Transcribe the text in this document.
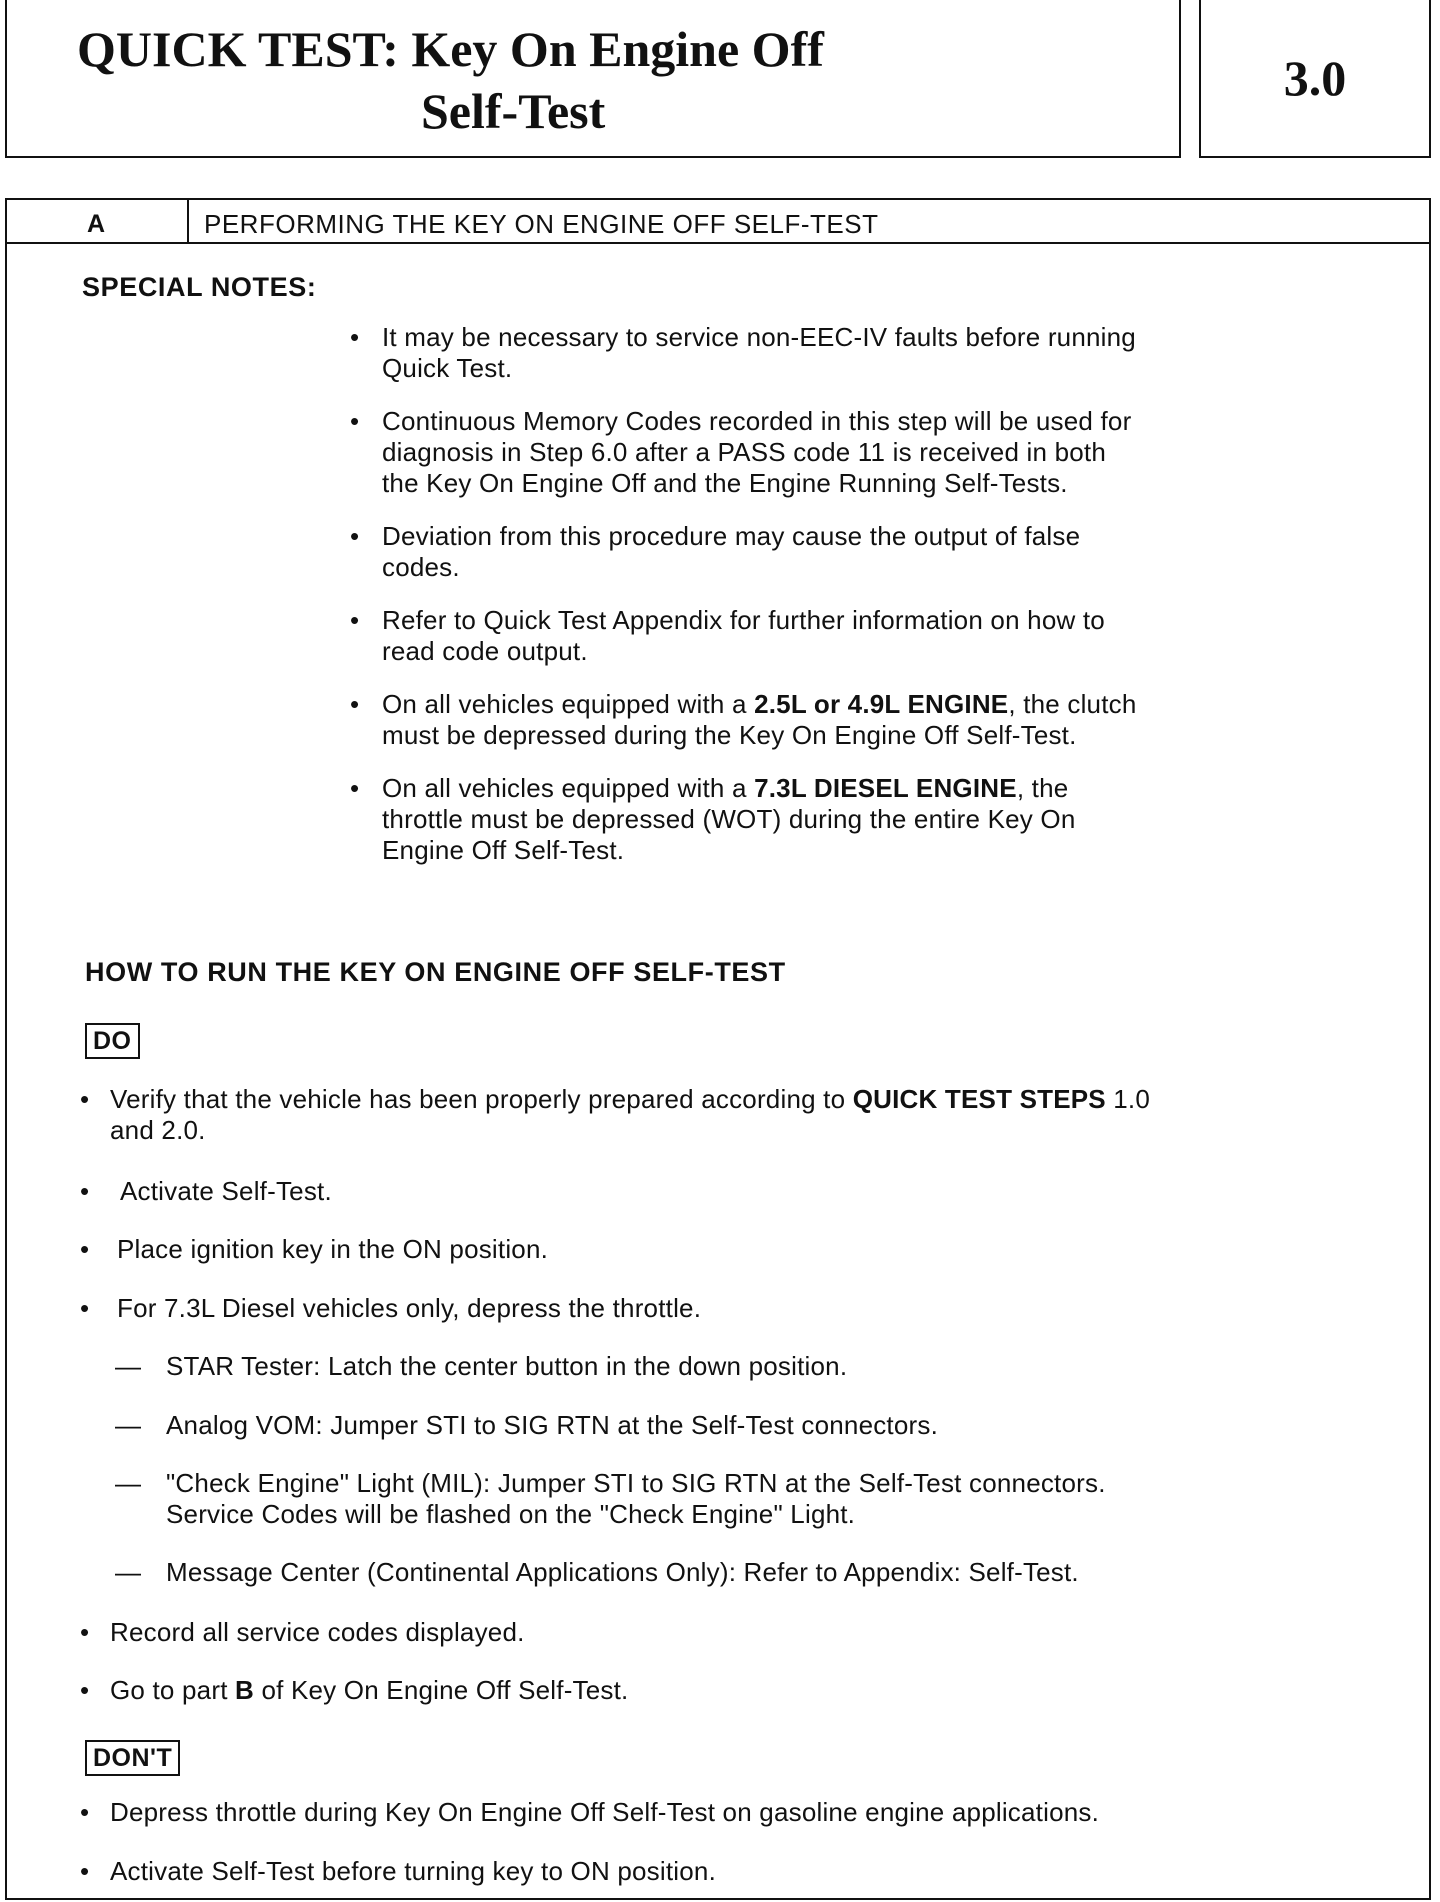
QUICK TEST: Key On Engine Off
Self-Test
3.0
A	PERFORMING THE KEY ON ENGINE OFF SELF-TEST
SPECIAL NOTES:
• It may be necessary to service non-EEC-IV faults before running Quick Test.
• Continuous Memory Codes recorded in this step will be used for diagnosis in Step 6.0 after a PASS code 11 is received in both the Key On Engine Off and the Engine Running Self-Tests.
• Deviation from this procedure may cause the output of false codes.
• Refer to Quick Test Appendix for further information on how to read code output.
• On all vehicles equipped with a 2.5L or 4.9L ENGINE, the clutch must be depressed during the Key On Engine Off Self-Test.
• On all vehicles equipped with a 7.3L DIESEL ENGINE, the throttle must be depressed (WOT) during the entire Key On Engine Off Self-Test.
HOW TO RUN THE KEY ON ENGINE OFF SELF-TEST
DO
• Verify that the vehicle has been properly prepared according to QUICK TEST STEPS 1.0
and 2.0.
• Activate Self-Test.
• Place ignition key in the ON position.
• For 7.3L Diesel vehicles only, depress the throttle.
— STAR Tester: Latch the center button in the down position.
— Analog VOM: Jumper STI to SIG RTN at the Self-Test connectors.
— "Check Engine" Light (MIL): Jumper STI to SIG RTN at the Self-Test connectors.
Service Codes will be flashed on the "Check Engine" Light.
— Message Center (Continental Applications Only): Refer to Appendix: Self-Test.
• Record all service codes displayed.
• Go to part B of Key On Engine Off Self-Test.
DON'T
• Depress throttle during Key On Engine Off Self-Test on gasoline engine applications.
• Activate Self-Test before turning key to ON position.
